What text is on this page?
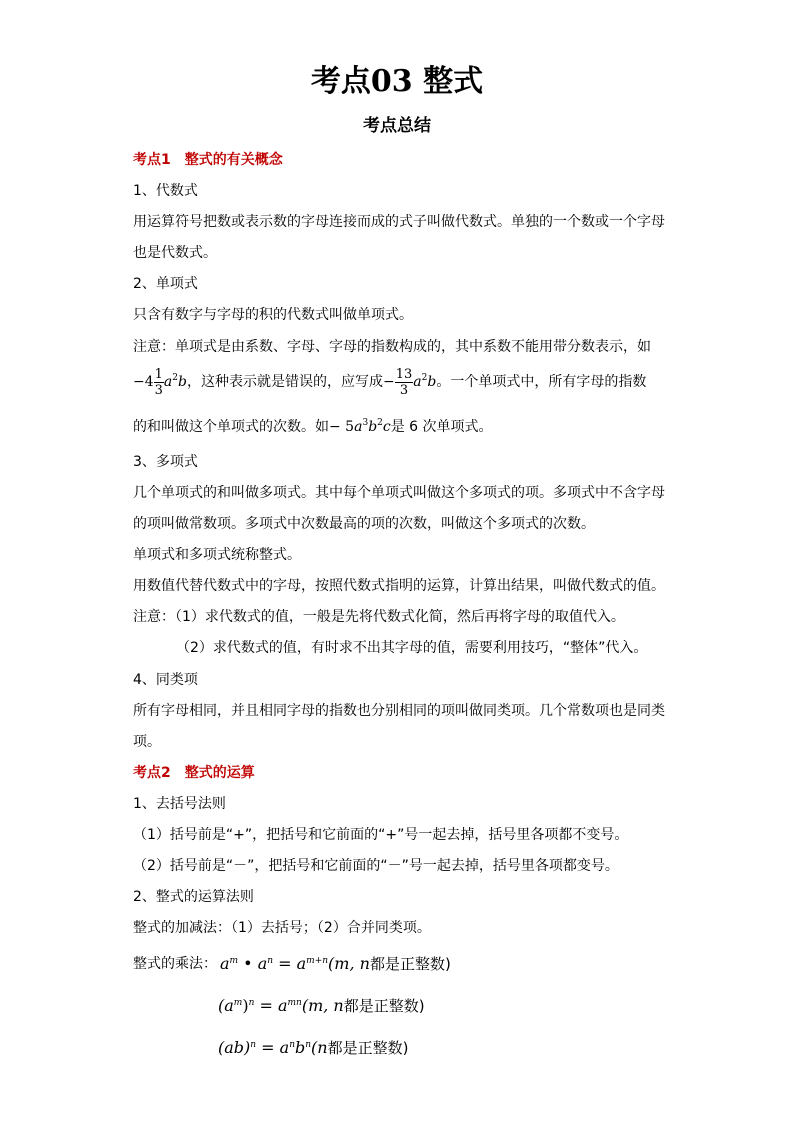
考点03 整式
考点总结
考点1　整式的有关概念
1、代数式
用运算符号把数或表示数的字母连接而成的式子叫做代数式。单独的一个数或一个字母
也是代数式。
2、单项式
只含有数字与字母的积的代数式叫做单项式。
注意：单项式是由系数、字母、字母的指数构成的，其中系数不能用带分数表示，如
$-4 \frac{1}{3} a^2b$，这种表示就是错误的，应写成− $\frac{13}{3} a^2b$。一个单项式中，所有字母的指数
的和叫做这个单项式的次数。如− $5a^3b^2c$是 6 次单项式。
3、多项式
几个单项式的和叫做多项式。其中每个单项式叫做这个多项式的项。多项式中不含字母
的项叫做常数项。多项式中次数最高的项的次数，叫做这个多项式的次数。
单项式和多项式统称整式。
用数值代替代数式中的字母，按照代数式指明的运算，计算出结果，叫做代数式的值。
注意：（1）求代数式的值，一般是先将代数式化简，然后再将字母的取值代入。
（2）求代数式的值，有时求不出其字母的值，需要利用技巧，“整体”代入。
4、同类项
所有字母相同，并且相同字母的指数也分别相同的项叫做同类项。几个常数项也是同类
项。
考点2　整式的运算
1、去括号法则
（1）括号前是“+”，把括号和它前面的“+”号一起去掉，括号里各项都不变号。
（2）括号前是“－”，把括号和它前面的“－”号一起去掉，括号里各项都变号。
2、整式的运算法则
整式的加减法：（1）去括号；（2）合并同类项。
整式的乘法： $a^m$ • $a^n = a^{m+n}(m$, n都是正整数)
$(a^m)^n = a^{mn}(m$, n都是正整数)
$(ab)^n = a^nb^n(n$都是正整数)
